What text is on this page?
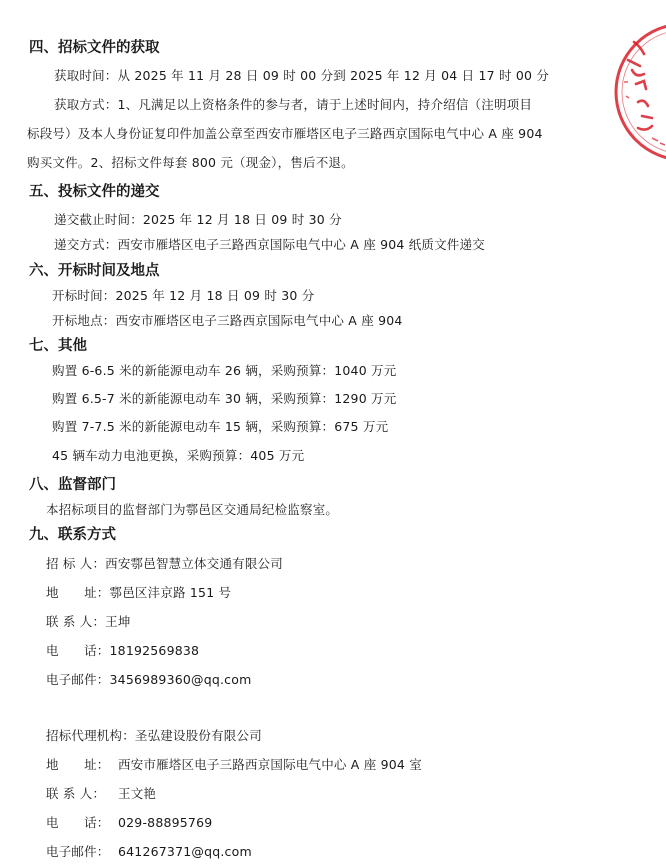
四、招标文件的获取
获取时间：从 2025 年 11 月 28 日 09 时 00 分到 2025 年 12 月 04 日 17 时 00 分
获取方式：1、凡满足以上资格条件的参与者，请于上述时间内，持介绍信（注明项目
标段号）及本人身份证复印件加盖公章至西安市雁塔区电子三路西京国际电气中心 A 座 904
购买文件。2、招标文件每套 800 元（现金），售后不退。
五、投标文件的递交
递交截止时间：2025 年 12 月 18 日 09 时 30 分
递交方式：西安市雁塔区电子三路西京国际电气中心 A 座 904 纸质文件递交
六、开标时间及地点
开标时间：2025 年 12 月 18 日 09 时 30 分
开标地点：西安市雁塔区电子三路西京国际电气中心 A 座 904
七、其他
购置 6-6.5 米的新能源电动车 26 辆，采购预算：1040 万元
购置 6.5-7 米的新能源电动车 30 辆，采购预算：1290 万元
购置 7-7.5 米的新能源电动车 15 辆，采购预算：675 万元
45 辆车动力电池更换，采购预算：405 万元
八、监督部门
本招标项目的监督部门为鄠邑区交通局纪检监察室。
九、联系方式
招 标 人：西安鄠邑智慧立体交通有限公司
地　　址：鄠邑区沣京路 151 号
联 系 人：王坤
电　　话：18192569838
电子邮件：3456989360@qq.com
招标代理机构：圣弘建设股份有限公司
地　　址： 西安市雁塔区电子三路西京国际电气中心 A 座 904 室
联 系 人： 王文艳
电　　话： 029-88895769
电子邮件： 641267371@qq.com
